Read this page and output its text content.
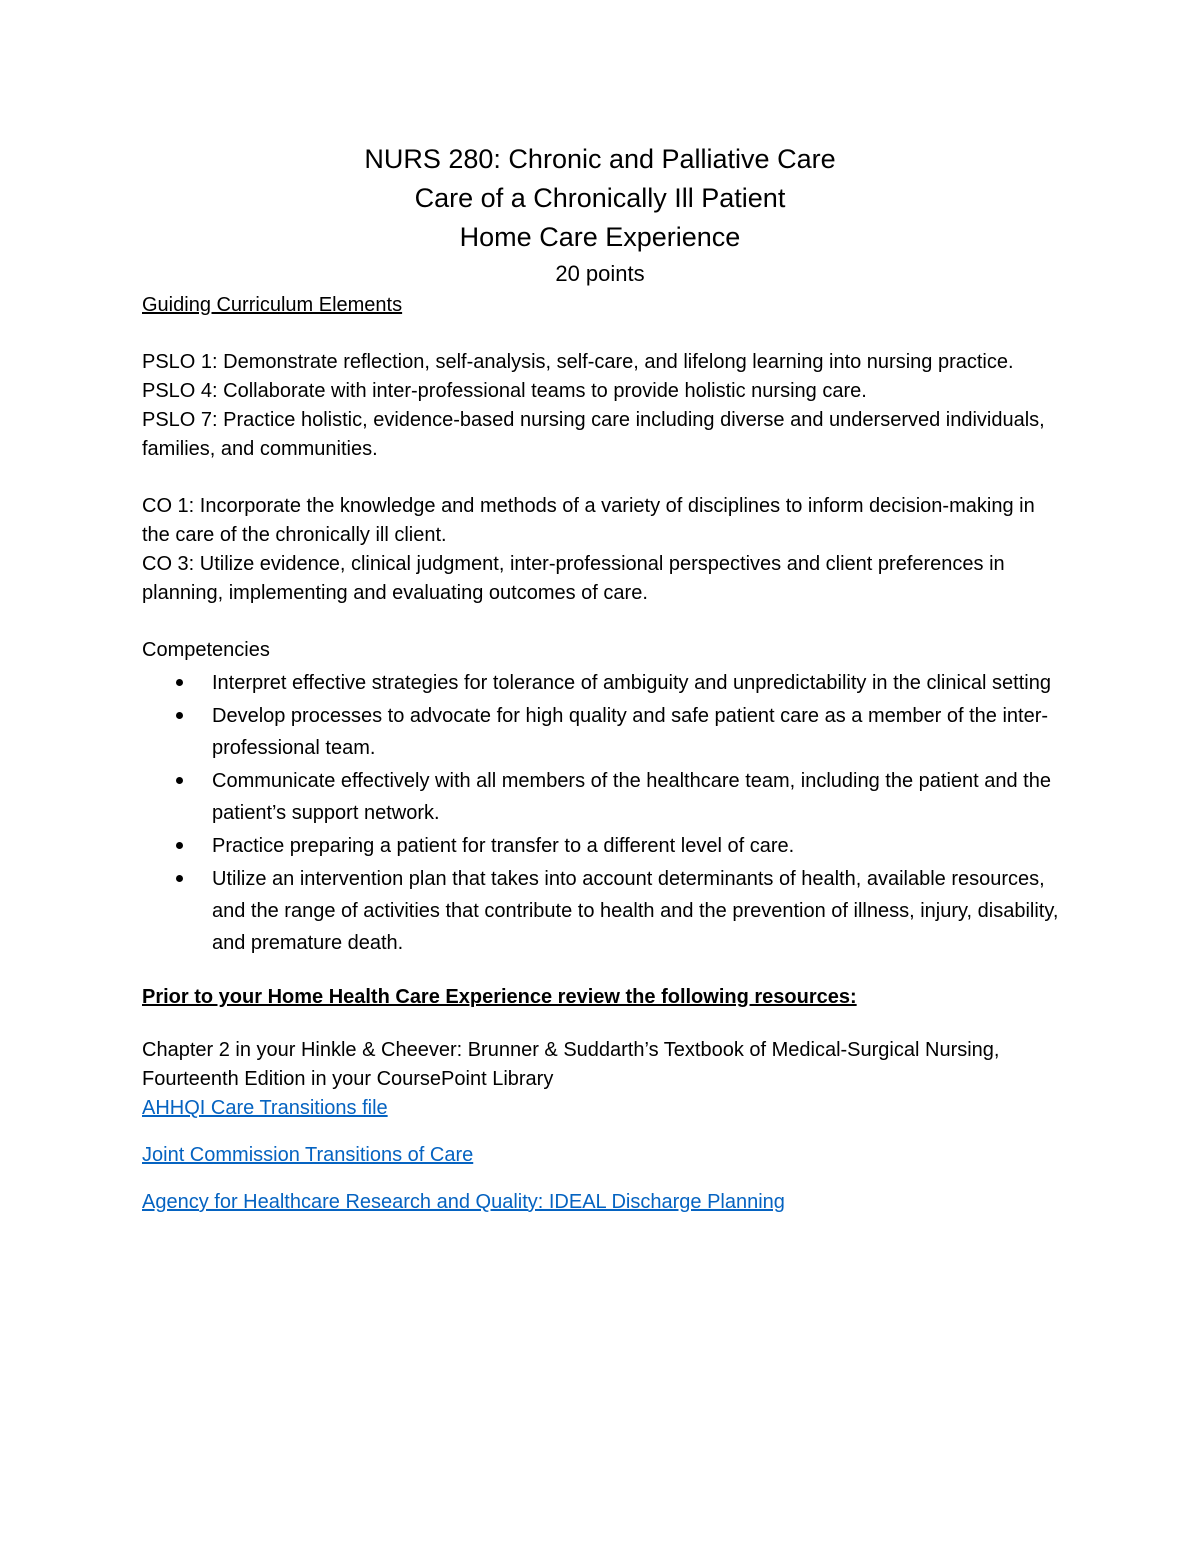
NURS 280: Chronic and Palliative Care
Care of a Chronically Ill Patient
Home Care Experience
20 points

Guiding Curriculum Elements

PSLO 1: Demonstrate reflection, self-analysis, self-care, and lifelong learning into nursing practice.

PSLO 4: Collaborate with inter-professional teams to provide holistic nursing care.

PSLO 7: Practice holistic, evidence-based nursing care including diverse and underserved individuals, families, and communities.

CO 1: Incorporate the knowledge and methods of a variety of disciplines to inform decision-making in the care of the chronically ill client.

CO 3: Utilize evidence, clinical judgment, inter-professional perspectives and client preferences in planning, implementing and evaluating outcomes of care.

Competencies

Interpret effective strategies for tolerance of ambiguity and unpredictability in the clinical setting
Develop processes to advocate for high quality and safe patient care as a member of the inter-professional team.
Communicate effectively with all members of the healthcare team, including the patient and the patient’s support network.
Practice preparing a patient for transfer to a different level of care.
Utilize an intervention plan that takes into account determinants of health, available resources, and the range of activities that contribute to health and the prevention of illness, injury, disability, and premature death.

Prior to your Home Health Care Experience review the following resources:

Chapter 2 in your Hinkle & Cheever: Brunner & Suddarth’s Textbook of Medical-Surgical Nursing, Fourteenth Edition in your CoursePoint Library

AHHQI Care Transitions file
Joint Commission Transitions of Care
Agency for Healthcare Research and Quality: IDEAL Discharge Planning
